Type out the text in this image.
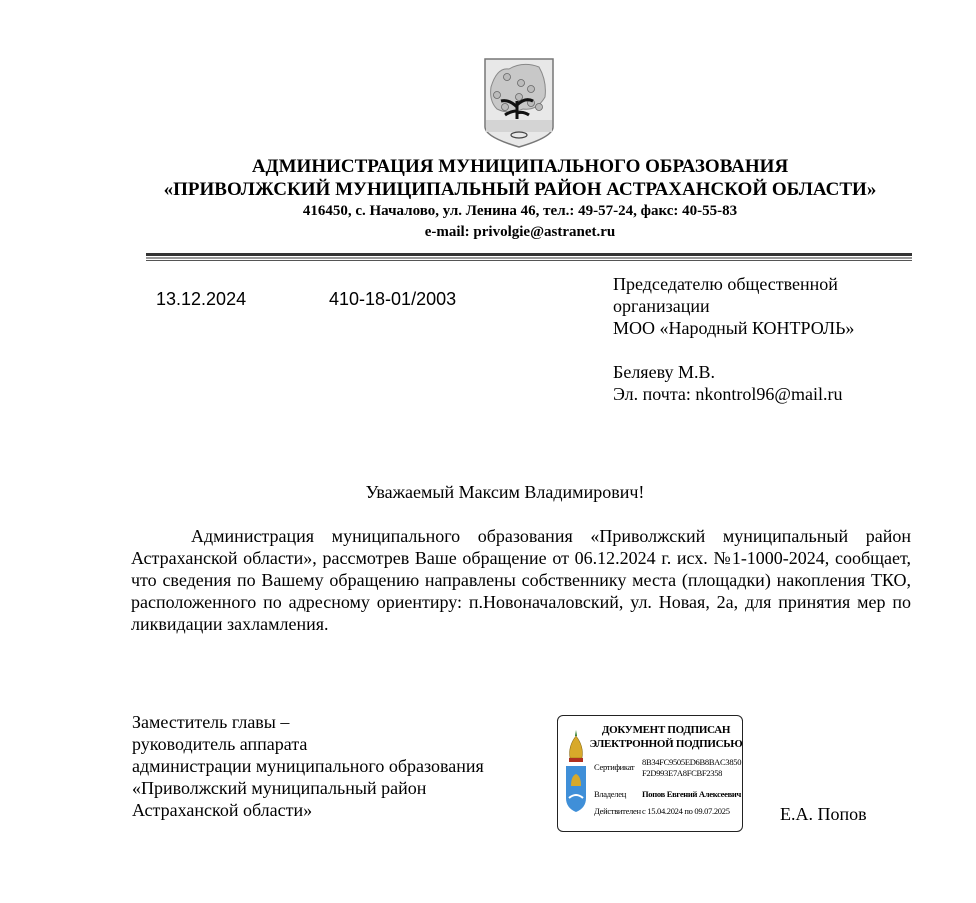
АДМИНИСТРАЦИЯ МУНИЦИПАЛЬНОГО ОБРАЗОВАНИЯ
«ПРИВОЛЖСКИЙ МУНИЦИПАЛЬНЫЙ РАЙОН АСТРАХАНСКОЙ ОБЛАСТИ»
416450, с. Началово, ул. Ленина 46, тел.: 49-57-24, факс: 40-55-83
e-mail: privolgie@astranet.ru
13.12.2024	410-18-01/2003
Председателю общественной
организации
МОО «Народный КОНТРОЛЬ»
Беляеву М.В.
Эл. почта: nkontrol96@mail.ru
Уважаемый Максим Владимирович!

Администрация муниципального образования «Приволжский муниципальный район Астраханской области», рассмотрев Ваше обращение от 06.12.2024 г. исх. №1-1000-2024, сообщает, что сведения по Вашему обращению направлены собственнику места (площадки) накопления ТКО, расположенного по адресному ориентиру: п.Новоначаловский, ул. Новая, 2а, для принятия мер по ликвидации захламления.

Заместитель главы –
руководитель аппарата
администрации муниципального образования
«Приволжский муниципальный район
Астраханской области»
ДОКУМЕНТ ПОДПИСАН
ЭЛЕКТРОННОЙ ПОДПИСЬЮ
Сертификат 8B34FC9505ED6B8BAC3850
F2D993E7A8FCBF2358
Владелец Попов Евгений Алексеевич
Действителенс 15.04.2024 по 09.07.2025	Е.А. Попов
